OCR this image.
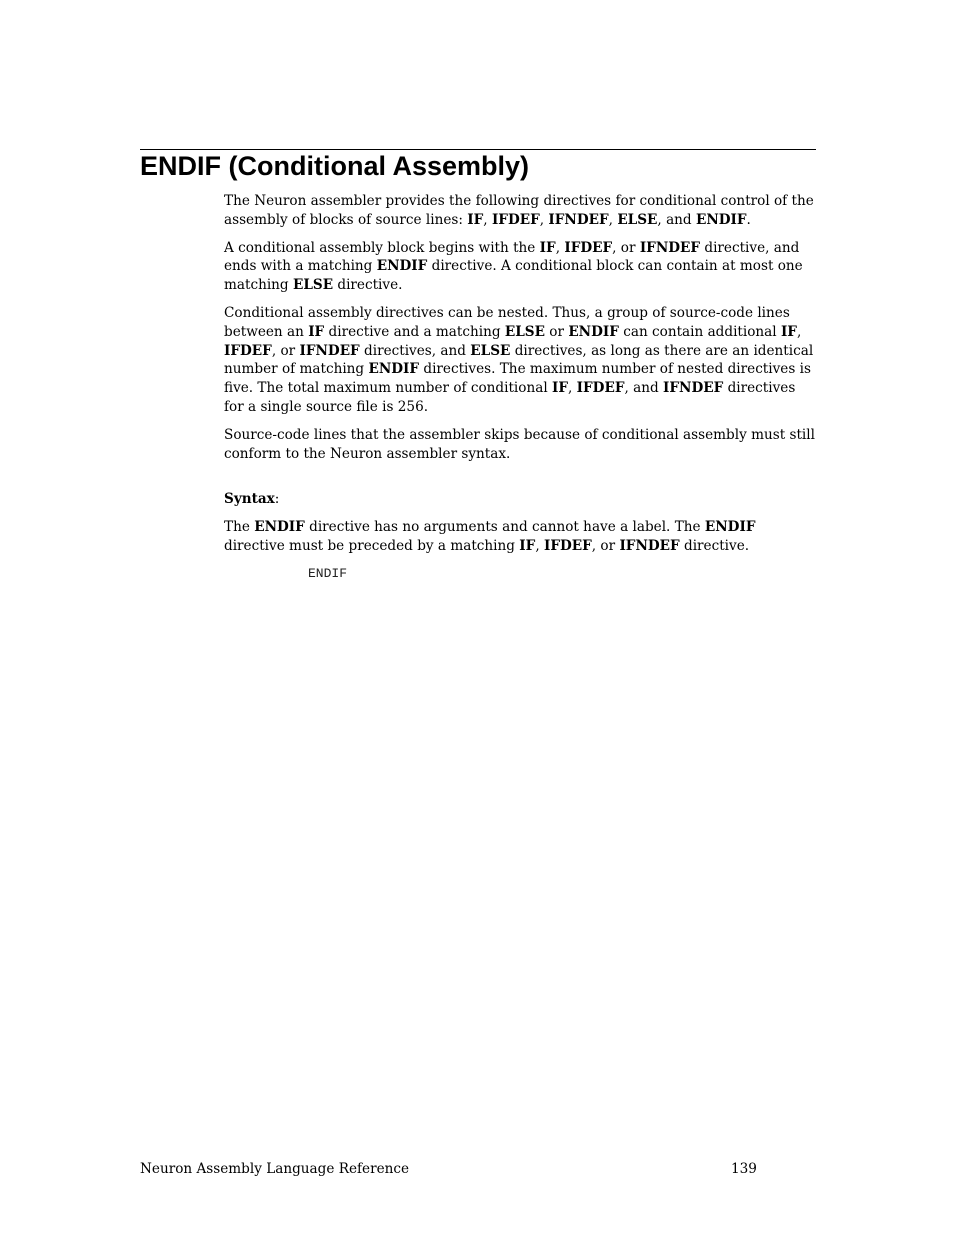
ENDIF (Conditional Assembly)

The Neuron assembler provides the following directives for conditional control of the assembly of blocks of source lines: IF, IFDEF, IFNDEF, ELSE, and ENDIF.

A conditional assembly block begins with the IF, IFDEF, or IFNDEF directive, and ends with a matching ENDIF directive. A conditional block can contain at most one matching ELSE directive.

Conditional assembly directives can be nested. Thus, a group of source-code lines between an IF directive and a matching ELSE or ENDIF can contain additional IF, IFDEF, or IFNDEF directives, and ELSE directives, as long as there are an identical number of matching ENDIF directives. The maximum number of nested directives is five. The total maximum number of conditional IF, IFDEF, and IFNDEF directives for a single source file is 256.

Source-code lines that the assembler skips because of conditional assembly must still conform to the Neuron assembler syntax.

Syntax:

The ENDIF directive has no arguments and cannot have a label. The ENDIF directive must be preceded by a matching IF, IFDEF, or IFNDEF directive.

ENDIF
Neuron Assembly Language Reference	139
